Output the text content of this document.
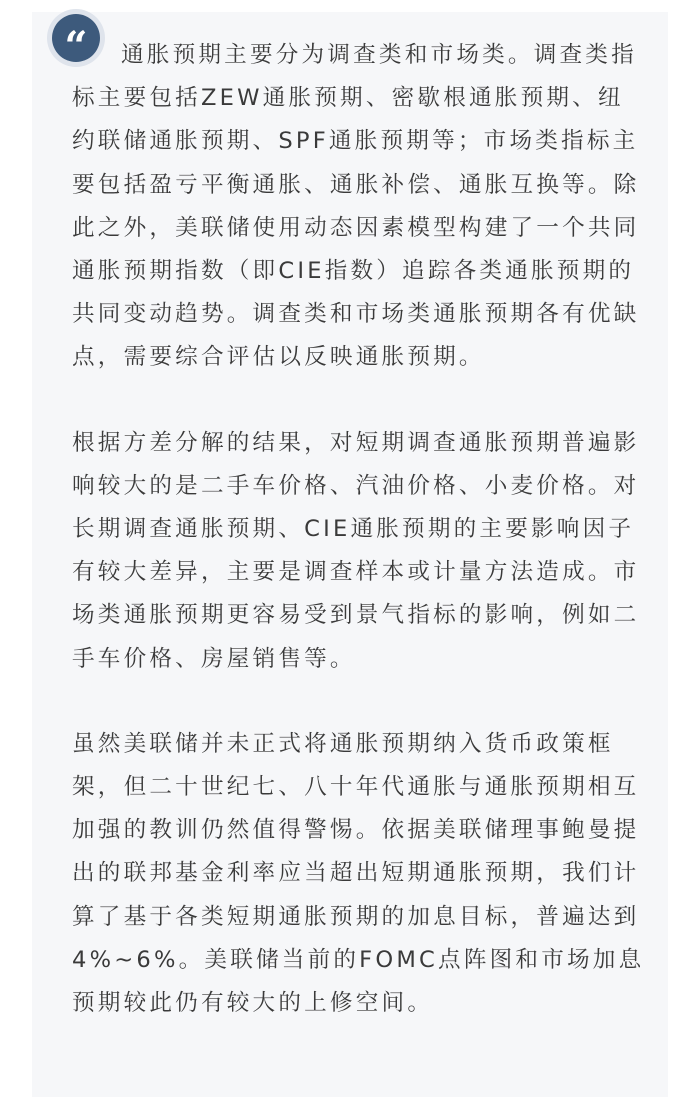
“	通胀预期主要分为调查类和市场类。调查类指标主要包括ZEW通胀预期、密歇根通胀预期、纽约联储通胀预期、SPF通胀预期等；市场类指标主要包括盈亏平衡通胀、通胀补偿、通胀互换等。除此之外，美联储使用动态因素模型构建了一个共同通胀预期指数（即CIE指数）追踪各类通胀预期的共同变动趋势。调查类和市场类通胀预期各有优缺点，需要综合评估以反映通胀预期。

根据方差分解的结果，对短期调查通胀预期普遍影响较大的是二手车价格、汽油价格、小麦价格。对长期调查通胀预期、CIE通胀预期的主要影响因子有较大差异，主要是调查样本或计量方法造成。市场类通胀预期更容易受到景气指标的影响，例如二手车价格、房屋销售等。

虽然美联储并未正式将通胀预期纳入货币政策框架，但二十世纪七、八十年代通胀与通胀预期相互加强的教训仍然值得警惕。依据美联储理事鲍曼提出的联邦基金利率应当超出短期通胀预期，我们计算了基于各类短期通胀预期的加息目标，普遍达到4%~6%。美联储当前的FOMC点阵图和市场加息预期较此仍有较大的上修空间。
